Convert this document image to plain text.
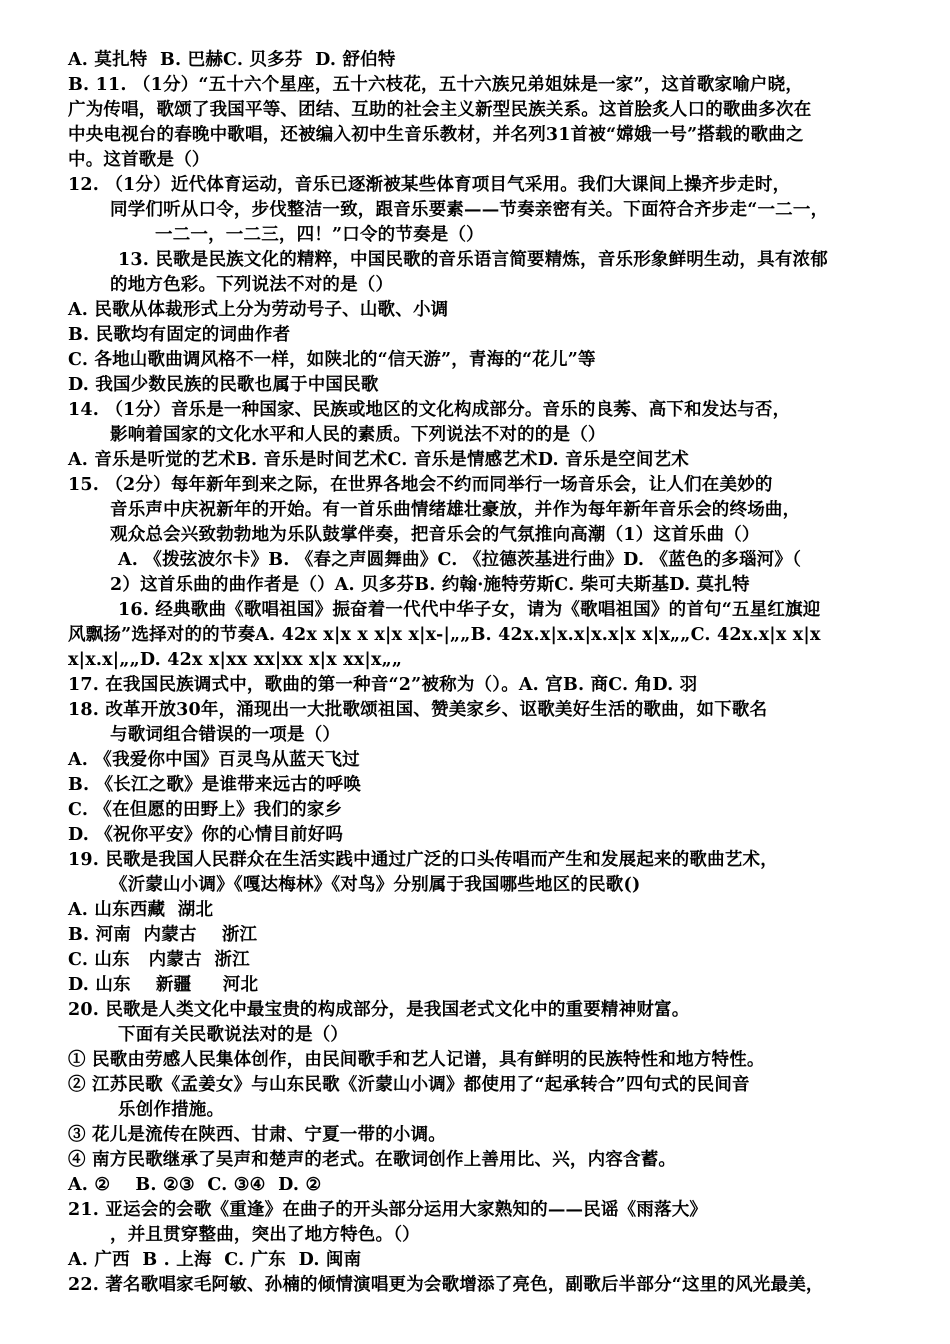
A. 莫扎特  B. 巴赫C. 贝多芬  D. 舒伯特
B. 11. （1分）“五十六个星座，五十六枝花，五十六族兄弟姐妹是一家”，这首歌家喻户晓，
广为传唱，歌颂了我国平等、团结、互助的社会主义新型民族关系。这首脍炙人口的歌曲多次在
中央电视台的春晚中歌唱，还被编入初中生音乐教材，并名列31首被“嫦娥一号”搭载的歌曲之
中。这首歌是（）
12. （1分）近代体育运动，音乐已逐渐被某些体育项目气采用。我们大课间上操齐步走时，
同学们听从口令，步伐整洁一致，跟音乐要素——节奏亲密有关。下面符合齐步走“一二一，
一二一，一二三，四！”口令的节奏是（）
13. 民歌是民族文化的精粹，中国民歌的音乐语言简要精炼，音乐形象鲜明生动，具有浓郁
的地方色彩。下列说法不对的是（）
A. 民歌从体裁形式上分为劳动号子、山歌、小调
B. 民歌均有固定的词曲作者
C. 各地山歌曲调风格不一样，如陕北的“信天游”，青海的“花儿”等
D. 我国少数民族的民歌也属于中国民歌
14. （1分）音乐是一种国家、民族或地区的文化构成部分。音乐的良莠、高下和发达与否，
影响着国家的文化水平和人民的素质。下列说法不对的的是（）
A. 音乐是听觉的艺术B. 音乐是时间艺术C. 音乐是情感艺术D. 音乐是空间艺术
15. （2分）每年新年到来之际，在世界各地会不约而同举行一场音乐会，让人们在美妙的
音乐声中庆祝新年的开始。有一首乐曲情绪雄壮豪放，并作为每年新年音乐会的终场曲，
观众总会兴致勃勃地为乐队鼓掌伴奏，把音乐会的气氛推向高潮（1）这首乐曲（）
A. 《拨弦波尔卡》B. 《春之声圆舞曲》C. 《拉德茨基进行曲》D. 《蓝色的多瑙河》（
2）这首乐曲的曲作者是（）A. 贝多芬B. 约翰·施特劳斯C. 柴可夫斯基D. 莫扎特
16. 经典歌曲《歌唱祖国》振奋着一代代中华子女，请为《歌唱祖国》的首句“五星红旗迎
风飘扬”选择对的的节奏A. 42x x|x x x|x x|x-|„„B. 42x.x|x.x|x.x|x x|x„„C. 42x.x|x x|x
x|x.x|„„D. 42x x|xx xx|xx x|x xx|x„„
17. 在我国民族调式中，歌曲的第一种音“2”被称为（）。A. 宫B. 商C. 角D. 羽
18. 改革开放30年，涌现出一大批歌颂祖国、赞美家乡、讴歌美好生活的歌曲，如下歌名
与歌词组合错误的一项是（）
A. 《我爱你中国》百灵鸟从蓝天飞过
B. 《长江之歌》是谁带来远古的呼唤
C. 《在但愿的田野上》我们的家乡
D. 《祝你平安》你的心情目前好吗
19. 民歌是我国人民群众在生活实践中通过广泛的口头传唱而产生和发展起来的歌曲艺术，
《沂蒙山小调》《嘎达梅林》《对鸟》分别属于我国哪些地区的民歌()
A. 山东西藏  湖北
B. 河南  内蒙古    浙江
C. 山东   内蒙古  浙江
D. 山东    新疆     河北
20. 民歌是人类文化中最宝贵的构成部分，是我国老式文化中的重要精神财富。
下面有关民歌说法对的是（）
① 民歌由劳感人民集体创作，由民间歌手和艺人记谱，具有鲜明的民族特性和地方特性。
② 江苏民歌《孟姜女》与山东民歌《沂蒙山小调》都使用了“起承转合”四句式的民间音
乐创作措施。
③ 花儿是流传在陕西、甘肃、宁夏一带的小调。
④ 南方民歌继承了吴声和楚声的老式。在歌词创作上善用比、兴，内容含蓄。
A. ②    B. ②③  C. ③④  D. ②
21. 亚运会的会歌《重逢》在曲子的开头部分运用大家熟知的——民谣《雨落大》
，并且贯穿整曲，突出了地方特色。（）
A. 广西  B . 上海  C. 广东  D. 闽南
22. 著名歌唱家毛阿敏、孙楠的倾情演唱更为会歌增添了亮色，副歌后半部分“这里的风光最美，
